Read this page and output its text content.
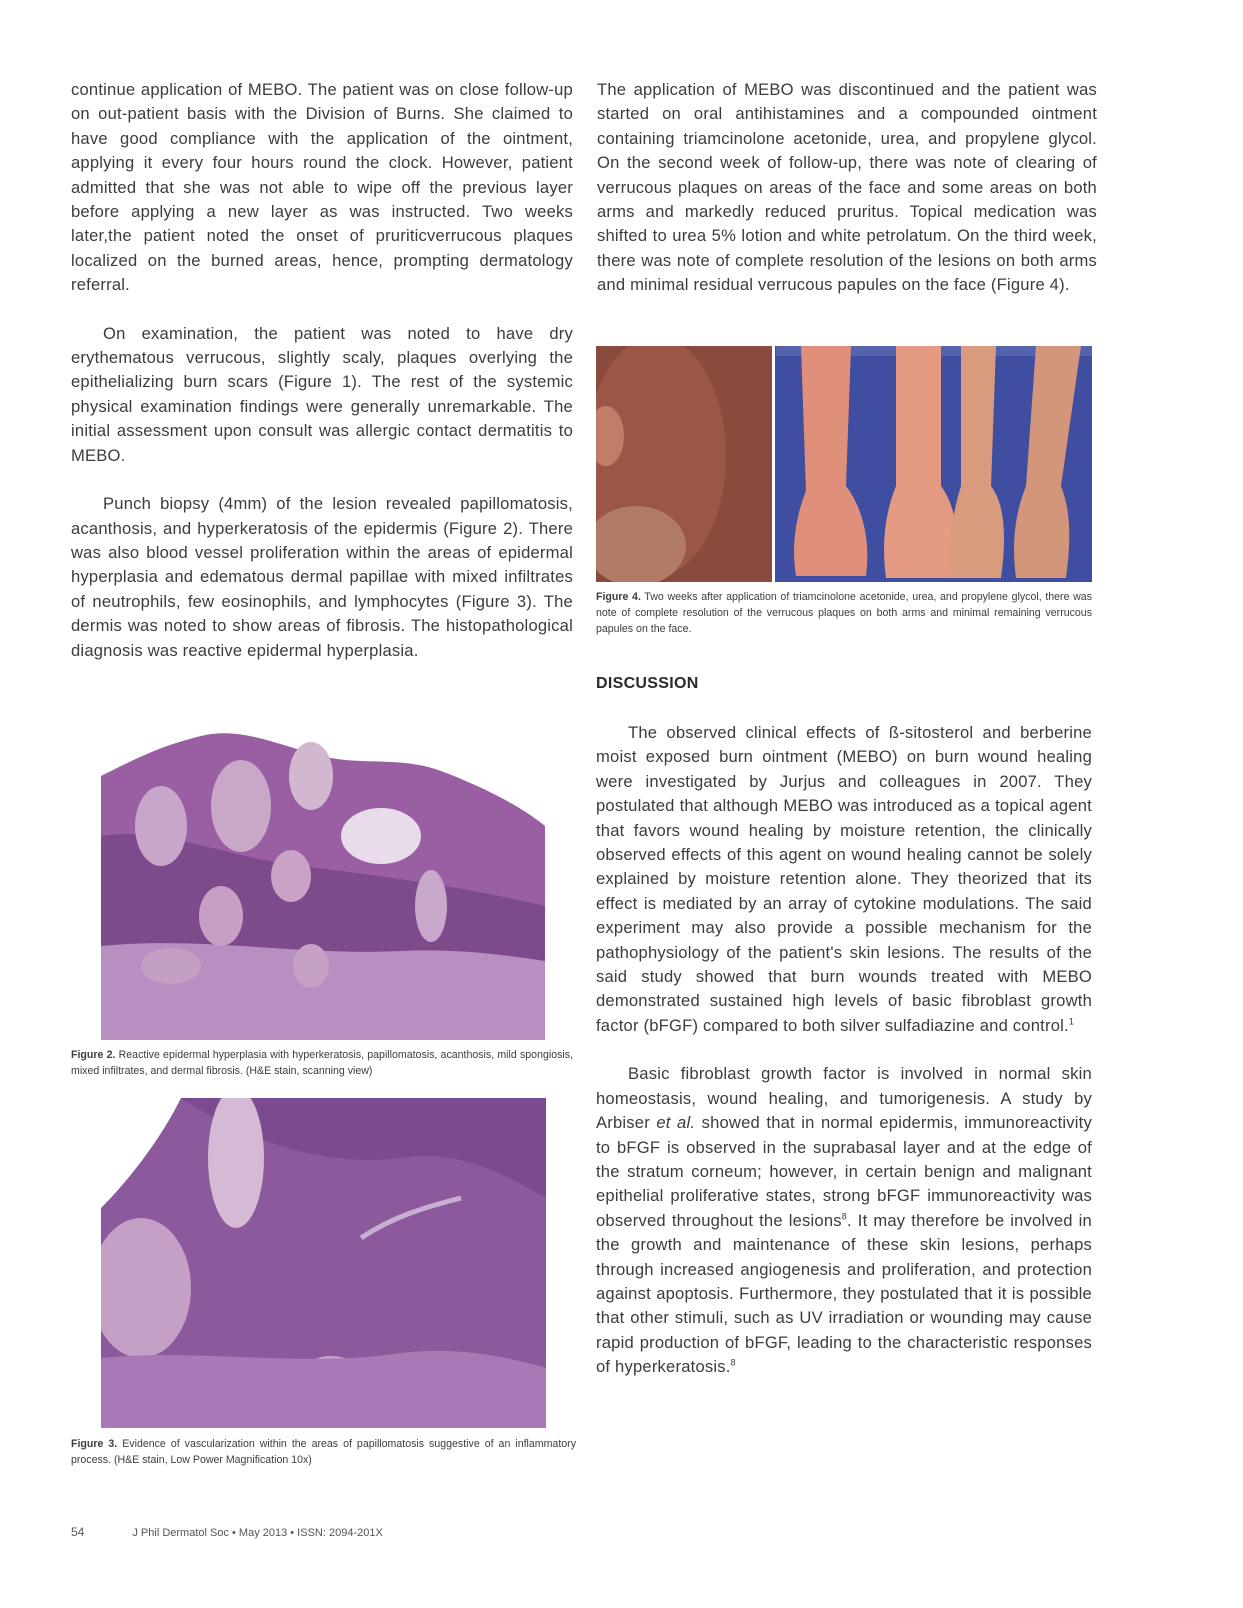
continue application of MEBO. The patient was on close follow-up on out-patient basis with the Division of Burns. She claimed to have good compliance with the application of the ointment, applying it every four hours round the clock. However, patient admitted that she was not able to wipe off the previous layer before applying a new layer as was instructed. Two weeks later,the patient noted the onset of pruriticverrucous plaques localized on the burned areas, hence, prompting dermatology referral.

On examination, the patient was noted to have dry erythematous verrucous, slightly scaly, plaques overlying the epithelializing burn scars (Figure 1). The rest of the systemic physical examination findings were generally unremarkable. The initial assessment upon consult was allergic contact dermatitis to MEBO.

Punch biopsy (4mm) of the lesion revealed papillomatosis, acanthosis, and hyperkeratosis of the epidermis (Figure 2). There was also blood vessel proliferation within the areas of epidermal hyperplasia and edematous dermal papillae with mixed infiltrates of neutrophils, few eosinophils, and lymphocytes (Figure 3). The dermis was noted to show areas of fibrosis. The histopathological diagnosis was reactive epidermal hyperplasia.

Figure 2. Reactive epidermal hyperplasia with hyperkeratosis, papillomatosis, acanthosis, mild spongiosis, mixed infiltrates, and dermal fibrosis. (H&E stain, scanning view)
Figure 3. Evidence of vascularization within the areas of papillomatosis suggestive of an inflammatory process. (H&E stain, Low Power Magnification 10x)

The application of MEBO was discontinued and the patient was started on oral antihistamines and a compounded ointment containing triamcinolone acetonide, urea, and propylene glycol. On the second week of follow-up, there was note of clearing of verrucous plaques on areas of the face and some areas on both arms and markedly reduced pruritus. Topical medication was shifted to urea 5% lotion and white petrolatum. On the third week, there was note of complete resolution of the lesions on both arms and minimal residual verrucous papules on the face (Figure 4).

Figure 4. Two weeks after application of triamcinolone acetonide, urea, and propylene glycol, there was note of complete resolution of the verrucous plaques on both arms and minimal remaining verrucous papules on the face.
DISCUSSION

The observed clinical effects of ß-sitosterol and berberine moist exposed burn ointment (MEBO) on burn wound healing were investigated by Jurjus and colleagues in 2007. They postulated that although MEBO was introduced as a topical agent that favors wound healing by moisture retention, the clinically observed effects of this agent on wound healing cannot be solely explained by moisture retention alone. They theorized that its effect is mediated by an array of cytokine modulations. The said experiment may also provide a possible mechanism for the pathophysiology of the patient's skin lesions. The results of the said study showed that burn wounds treated with MEBO demonstrated sustained high levels of basic fibroblast growth factor (bFGF) compared to both silver sulfadiazine and control.$^1$

Basic fibroblast growth factor is involved in normal skin homeostasis, wound healing, and tumorigenesis. A study by Arbiser et al. showed that in normal epidermis, immunoreactivity to bFGF is observed in the suprabasal layer and at the edge of the stratum corneum; however, in certain benign and malignant epithelial proliferative states, strong bFGF immunoreactivity was observed throughout the lesions$^8$. It may therefore be involved in the growth and maintenance of these skin lesions, perhaps through increased angiogenesis and proliferation, and protection against apoptosis. Furthermore, they postulated that it is possible that other stimuli, such as UV irradiation or wounding may cause rapid production of bFGF, leading to the characteristic responses of hyperkeratosis.$^8$

54	J Phil Dermatol Soc • May 2013 • ISSN: 2094-201X
